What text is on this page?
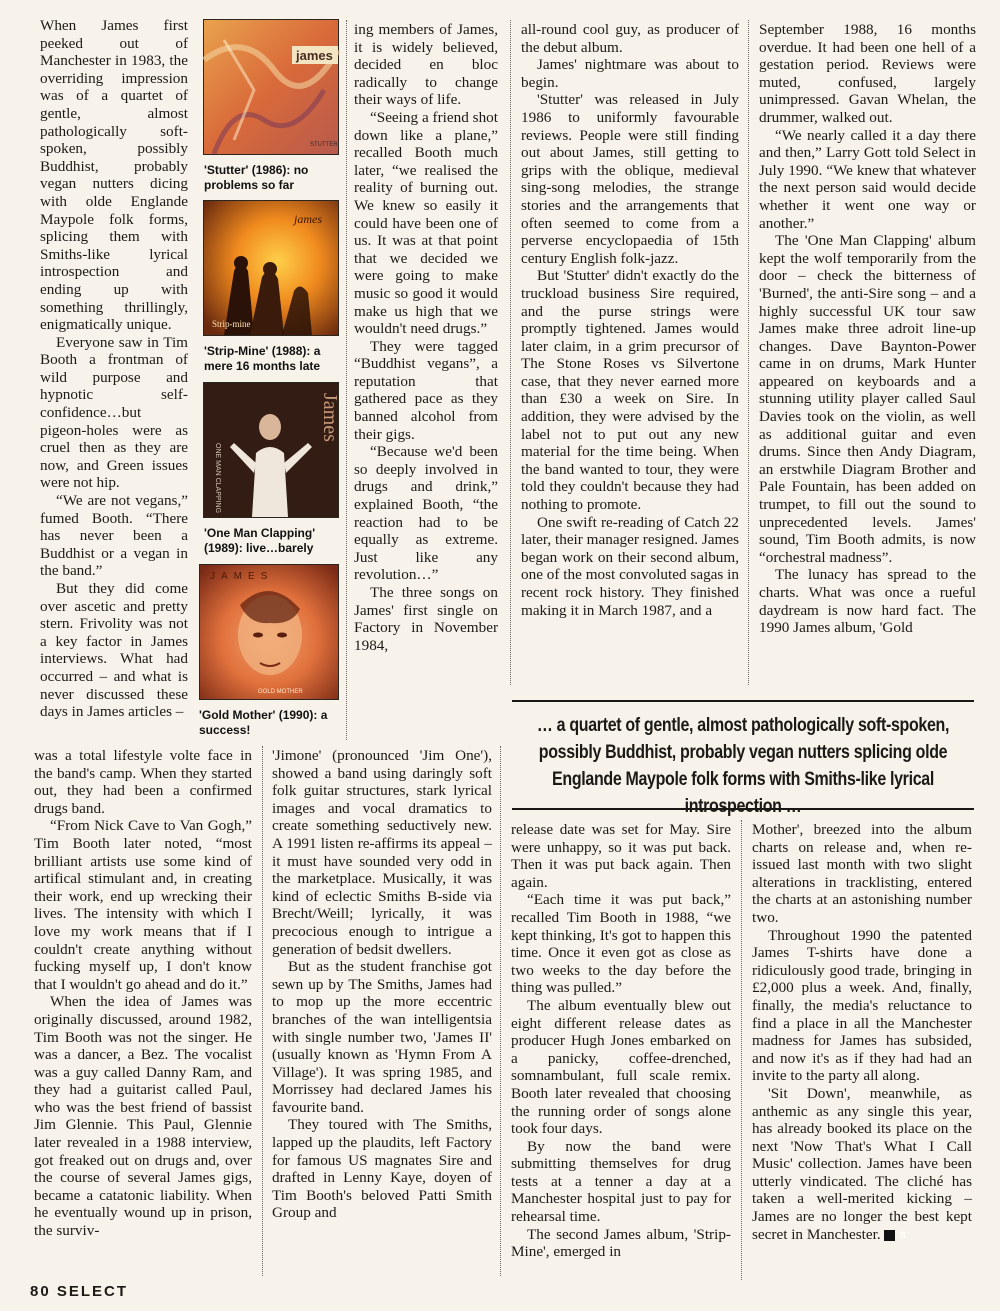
When James first peeked out of Manchester in 1983, the overriding impression was of a quartet of gentle, almost pathologically soft-spoken, possibly Buddhist, probably vegan nutters dicing with olde Englande Maypole folk forms, splicing them with Smiths-like lyrical introspection and ending up with something thrillingly, enigmatically unique.

Everyone saw in Tim Booth a frontman of wild purpose and hypnotic self-confidence…but pigeon-holes were as cruel then as they are now, and Green issues were not hip.

“We are not vegans,” fumed Booth. “There has never been a Buddhist or a vegan in the band.”

But they did come over ascetic and pretty stern. Frivolity was not a key factor in James interviews. What had occurred – and what is never discussed these days in James articles –

was a total lifestyle volte face in the band's camp. When they started out, they had been a confirmed drugs band.

“From Nick Cave to Van Gogh,” Tim Booth later noted, “most brilliant artists use some kind of artifical stimulant and, in creating their work, end up wrecking their lives. The intensity with which I love my work means that if I couldn't create anything without fucking myself up, I don't know that I wouldn't go ahead and do it.”

When the idea of James was originally discussed, around 1982, Tim Booth was not the singer. He was a dancer, a Bez. The vocalist was a guy called Danny Ram, and they had a guitarist called Paul, who was the best friend of bassist Jim Glennie. This Paul, Glennie later revealed in a 1988 interview, got freaked out on drugs and, over the course of several James gigs, became a catatonic liability. When he eventually wound up in prison, the surviv-

james
STUTTER
'Stutter' (1986): no problems so far
james
Strip-mine
'Strip-Mine' (1988): a mere 16 months late
James
ONE MAN CLAPPING
'One Man Clapping' (1989): live…barely
JAMES
GOLD MOTHER
'Gold Mother' (1990): a success!

ing members of James, it is widely believed, decided en bloc radically to change their ways of life.

“Seeing a friend shot down like a plane,” recalled Booth much later, “we realised the reality of burning out. We knew so easily it could have been one of us. It was at that point that we decided we were going to make music so good it would make us high that we wouldn't need drugs.”

They were tagged “Buddhist vegans”, a reputation that gathered pace as they banned alcohol from their gigs.

“Because we'd been so deeply involved in drugs and drink,” explained Booth, “the reaction had to be equally as extreme. Just like any revolution…”

The three songs on James' first single on Factory in November 1984,

'Jimone' (pronounced 'Jim One'), showed a band using daringly soft folk guitar structures, stark lyrical images and vocal dramatics to create something seductively new. A 1991 listen re-affirms its appeal – it must have sounded very odd in the marketplace. Musically, it was kind of eclectic Smiths B-side via Brecht/Weill; lyrically, it was precocious enough to intrigue a generation of bedsit dwellers.

But as the student franchise got sewn up by The Smiths, James had to mop up the more eccentric branches of the wan intelligentsia with single number two, 'James II' (usually known as 'Hymn From A Village'). It was spring 1985, and Morrissey had declared James his favourite band.

They toured with The Smiths, lapped up the plaudits, left Factory for famous US magnates Sire and drafted in Lenny Kaye, doyen of Tim Booth's beloved Patti Smith Group and

all-round cool guy, as producer of the debut album.

James' nightmare was about to begin.

'Stutter' was released in July 1986 to uniformly favourable reviews. People were still finding out about James, still getting to grips with the oblique, medieval sing-song melodies, the strange stories and the arrangements that often seemed to come from a perverse encyclopaedia of 15th century English folk-jazz.

But 'Stutter' didn't exactly do the truckload business Sire required, and the purse strings were promptly tightened. James would later claim, in a grim precursor of The Stone Roses vs Silvertone case, that they never earned more than £30 a week on Sire. In addition, they were advised by the label not to put out any new material for the time being. When the band wanted to tour, they were told they couldn't because they had nothing to promote.

One swift re-reading of Catch 22 later, their manager resigned. James began work on their second album, one of the most convoluted sagas in recent rock history. They finished making it in March 1987, and a

release date was set for May. Sire were unhappy, so it was put back. Then it was put back again. Then again.

“Each time it was put back,” recalled Tim Booth in 1988, “we kept thinking, It's got to happen this time. Once it even got as close as two weeks to the day before the thing was pulled.”

The album eventually blew out eight different release dates as producer Hugh Jones embarked on a panicky, coffee-drenched, somnambulant, full scale remix. Booth later revealed that choosing the running order of songs alone took four days.

By now the band were submitting themselves for drug tests at a tenner a day at a Manchester hospital just to pay for rehearsal time.

The second James album, 'Strip-Mine', emerged in

September 1988, 16 months overdue. It had been one hell of a gestation period. Reviews were muted, confused, largely unimpressed. Gavan Whelan, the drummer, walked out.

“We nearly called it a day there and then,” Larry Gott told Select in July 1990. “We knew that whatever the next person said would decide whether it went one way or another.”

The 'One Man Clapping' album kept the wolf temporarily from the door – check the bitterness of 'Burned', the anti-Sire song – and a highly successful UK tour saw James make three adroit line-up changes. Dave Baynton-Power came in on drums, Mark Hunter appeared on keyboards and a stunning utility player called Saul Davies took on the violin, as well as additional guitar and even drums. Since then Andy Diagram, an erstwhile Diagram Brother and Pale Fountain, has been added on trumpet, to fill out the sound to unprecedented levels. James' sound, Tim Booth admits, is now “orchestral madness”.

The lunacy has spread to the charts. What was once a rueful daydream is now hard fact. The 1990 James album, 'Gold

Mother', breezed into the album charts on release and, when re-issued last month with two slight alterations in tracklisting, entered the charts at an astonishing number two.

Throughout 1990 the patented James T-shirts have done a ridiculously good trade, bringing in £2,000 plus a week. And, finally, finally, the media's reluctance to find a place in all the Manchester madness for James has subsided, and now it's as if they had had an invite to the party all along.

'Sit Down', meanwhile, as anthemic as any single this year, has already booked its place on the next 'Now That's What I Call Music' collection. James have been utterly vindicated. The cliché has taken a well-merited kicking – James are no longer the best kept secret in Manchester. S

… a quartet of gentle, almost pathologically soft-spoken, possibly Buddhist, probably vegan nutters splicing olde Englande Maypole folk forms with Smiths-like lyrical introspection …
80 SELECT
